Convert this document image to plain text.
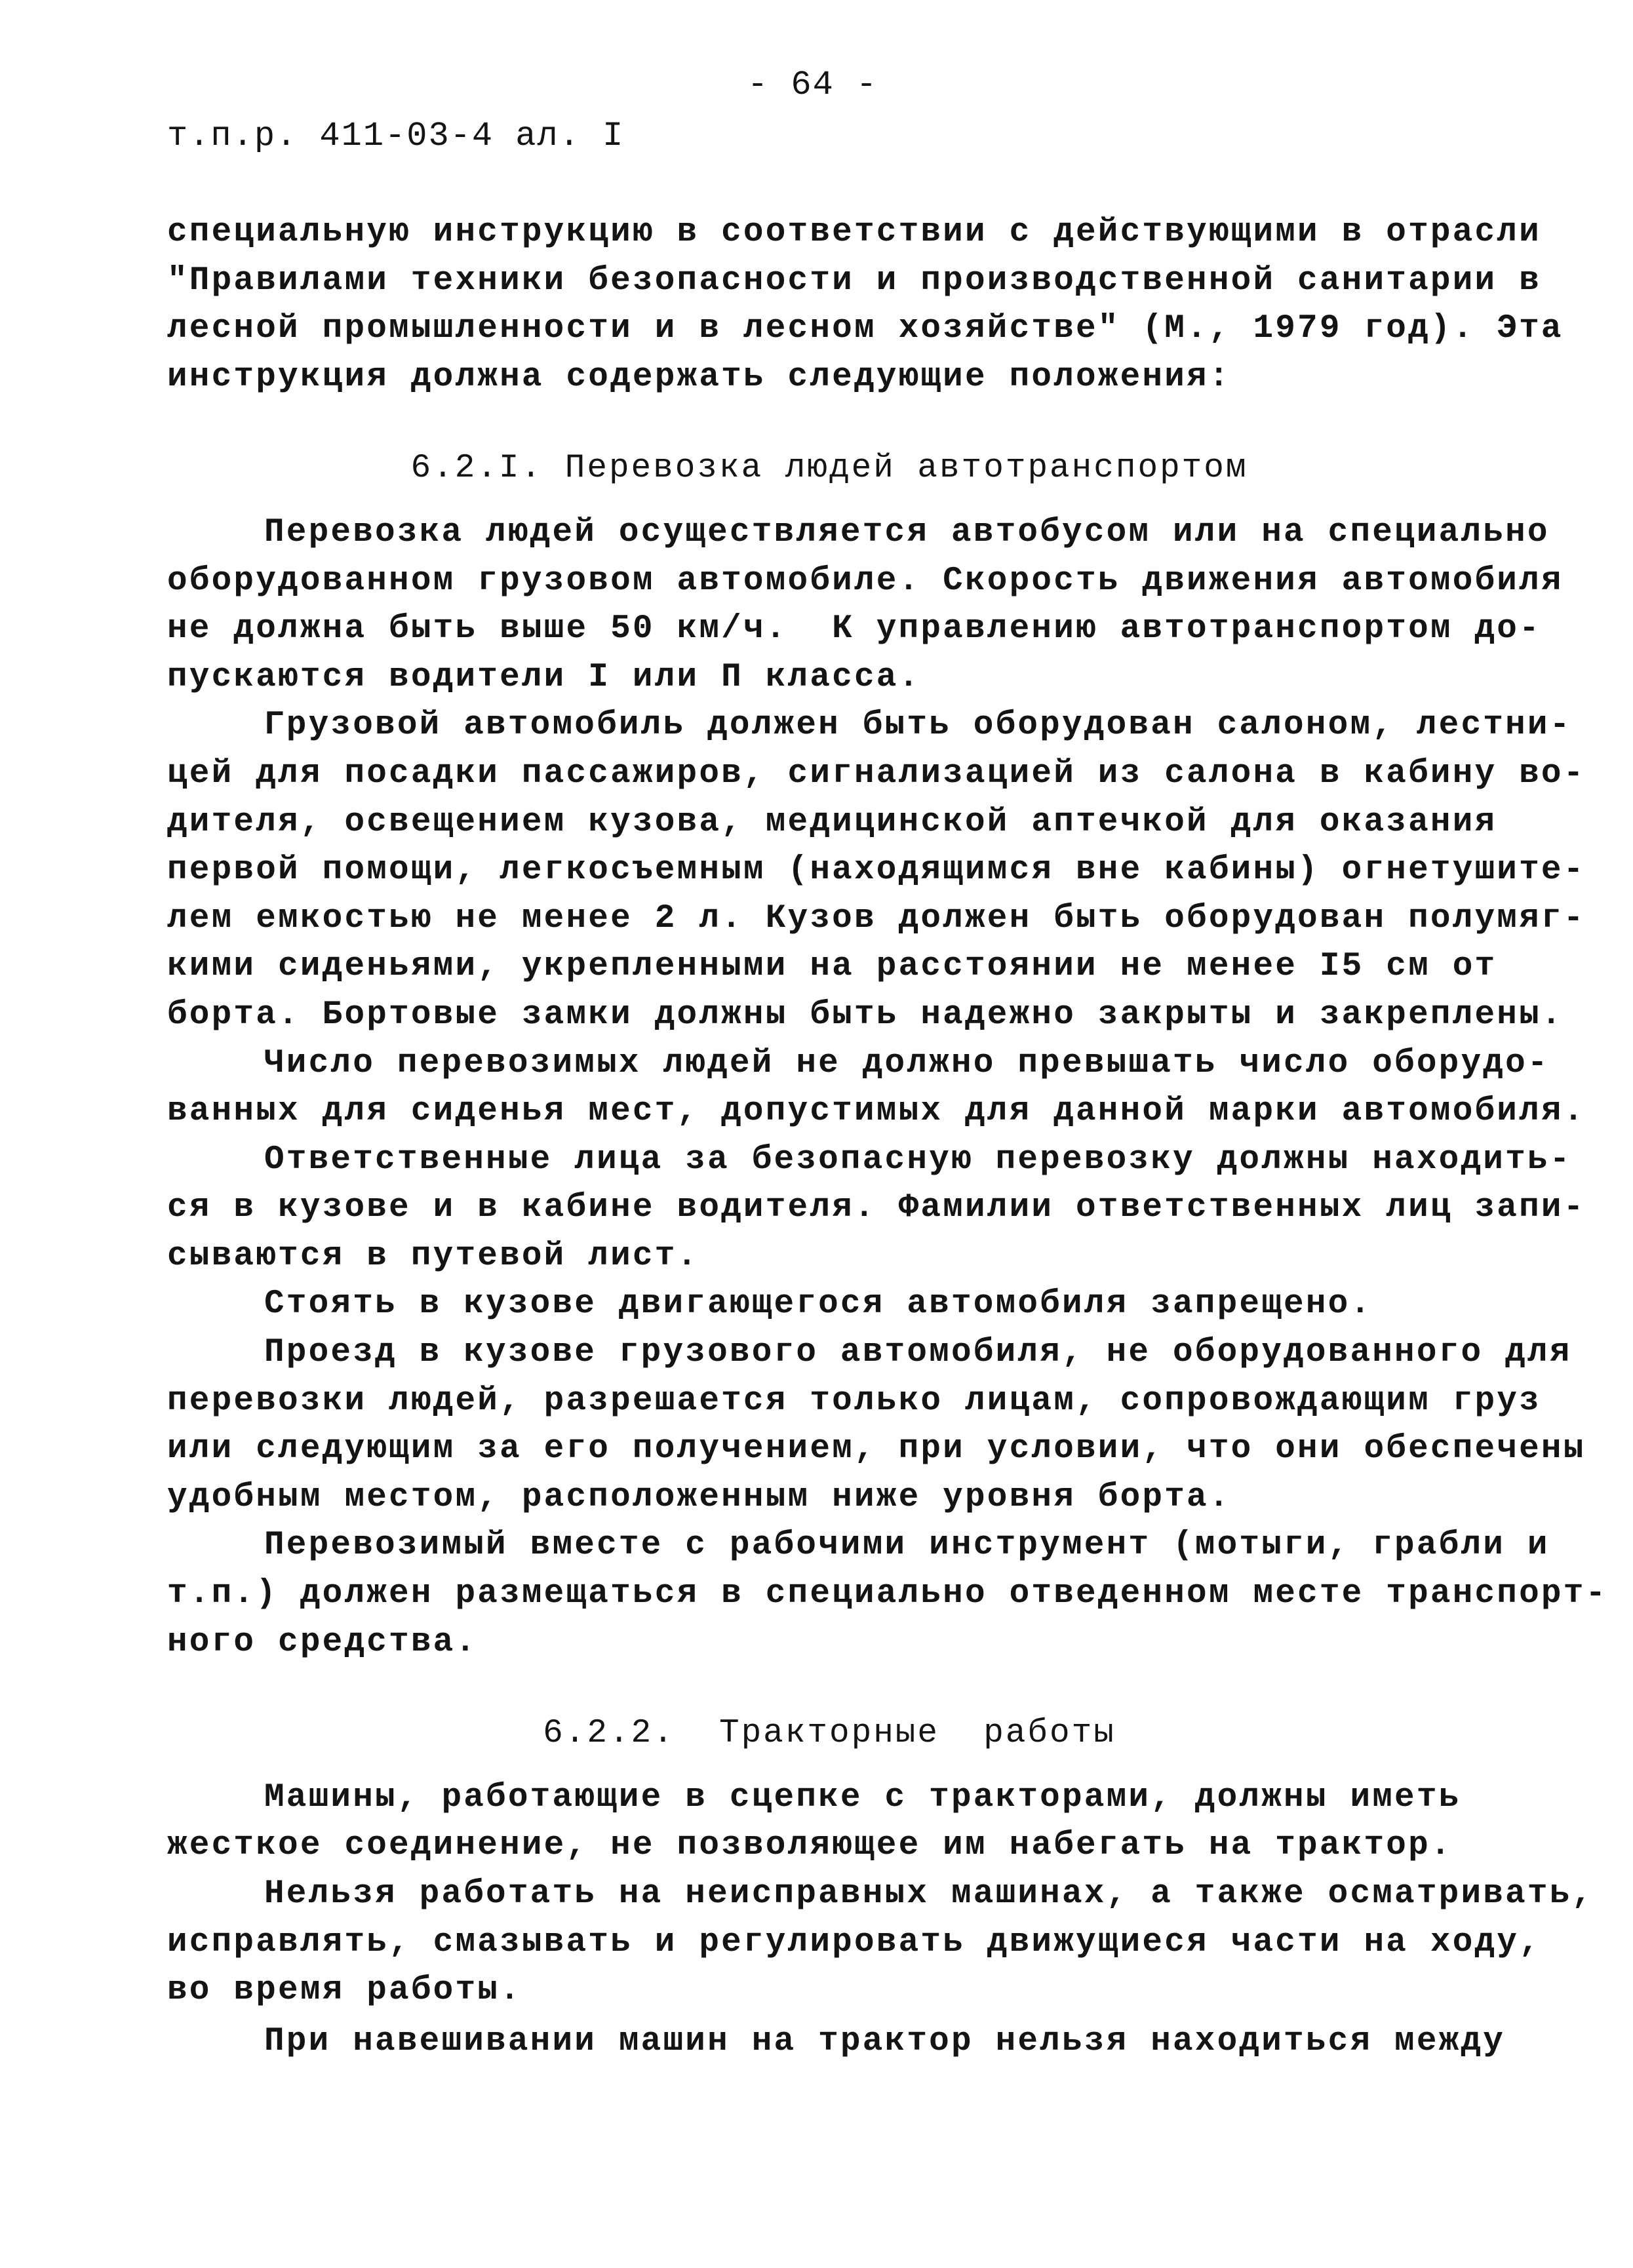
- 64 -
т.п.р. 411-03-4 ал. I
специальную инструкцию в соответствии с действующими в отрасли
"Правилами техники безопасности и производственной санитарии в
лесной промышленности и в лесном хозяйстве" (М., 1979 год). Эта
инструкция должна содержать следующие положения:
6.2.I. Перевозка людей автотранспортом
Перевозка людей осуществляется автобусом или на специально
оборудованном грузовом автомобиле. Скорость движения автомобиля
не должна быть выше 50 км/ч.  К управлению автотранспортом до-
пускаются водители I или П класса.
Грузовой автомобиль должен быть оборудован салоном, лестни-
цей для посадки пассажиров, сигнализацией из салона в кабину во-
дителя, освещением кузова, медицинской аптечкой для оказания
первой помощи, легкосъемным (находящимся вне кабины) огнетушите-
лем емкостью не менее 2 л. Кузов должен быть оборудован полумяг-
кими сиденьями, укрепленными на расстоянии не менее I5 см от
борта. Бортовые замки должны быть надежно закрыты и закреплены.
Число перевозимых людей не должно превышать число оборудо-
ванных для сиденья мест, допустимых для данной марки автомобиля.
Ответственные лица за безопасную перевозку должны находить-
ся в кузове и в кабине водителя. Фамилии ответственных лиц запи-
сываются в путевой лист.
Стоять в кузове двигающегося автомобиля запрещено.
Проезд в кузове грузового автомобиля, не оборудованного для
перевозки людей, разрешается только лицам, сопровождающим груз
или следующим за его получением, при условии, что они обеспечены
удобным местом, расположенным ниже уровня борта.
Перевозимый вместе с рабочими инструмент (мотыги, грабли и
т.п.) должен размещаться в специально отведенном месте транспорт-
ного средства.
6.2.2.  Тракторные  работы
Машины, работающие в сцепке с тракторами, должны иметь
жесткое соединение, не позволяющее им набегать на трактор.
Нельзя работать на неисправных машинах, а также осматривать,
исправлять, смазывать и регулировать движущиеся части на ходу,
во время работы.
При навешивании машин на трактор нельзя находиться между
